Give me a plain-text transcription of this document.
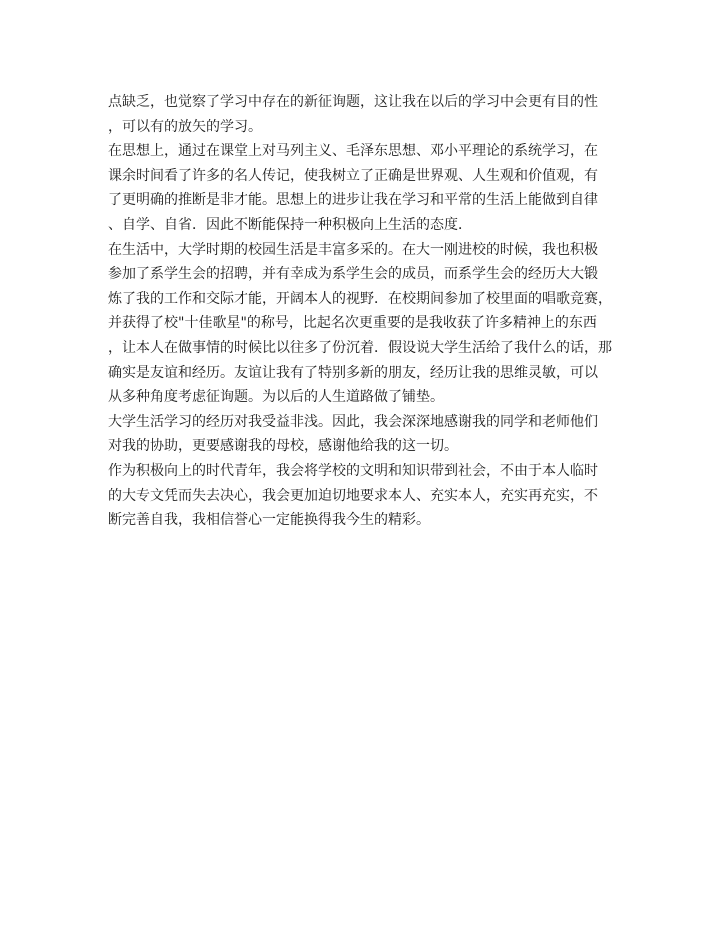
点缺乏，也觉察了学习中存在的新征询题，这让我在以后的学习中会更有目的性
，可以有的放矢的学习。
在思想上，通过在课堂上对马列主义、毛泽东思想、邓小平理论的系统学习，在
课余时间看了许多的名人传记，使我树立了正确是世界观、人生观和价值观，有
了更明确的推断是非才能。思想上的进步让我在学习和平常的生活上能做到自律
、自学、自省．因此不断能保持一种积极向上生活的态度．
在生活中，大学时期的校园生活是丰富多采的。在大一刚进校的时候，我也积极
参加了系学生会的招聘，并有幸成为系学生会的成员，而系学生会的经历大大锻
炼了我的工作和交际才能，开阔本人的视野．在校期间参加了校里面的唱歌竞赛，
并获得了校"十佳歌星"的称号，比起名次更重要的是我收获了许多精神上的东西
，让本人在做事情的时候比以往多了份沉着．假设说大学生活给了我什么的话，那
确实是友谊和经历。友谊让我有了特别多新的朋友，经历让我的思维灵敏，可以
从多种角度考虑征询题。为以后的人生道路做了铺垫。
大学生活学习的经历对我受益非浅。因此，我会深深地感谢我的同学和老师他们
对我的协助，更要感谢我的母校，感谢他给我的这一切。
作为积极向上的时代青年，我会将学校的文明和知识带到社会，不由于本人临时
的大专文凭而失去决心，我会更加迫切地要求本人、充实本人，充实再充实，不
断完善自我，我相信誉心一定能换得我今生的精彩。
